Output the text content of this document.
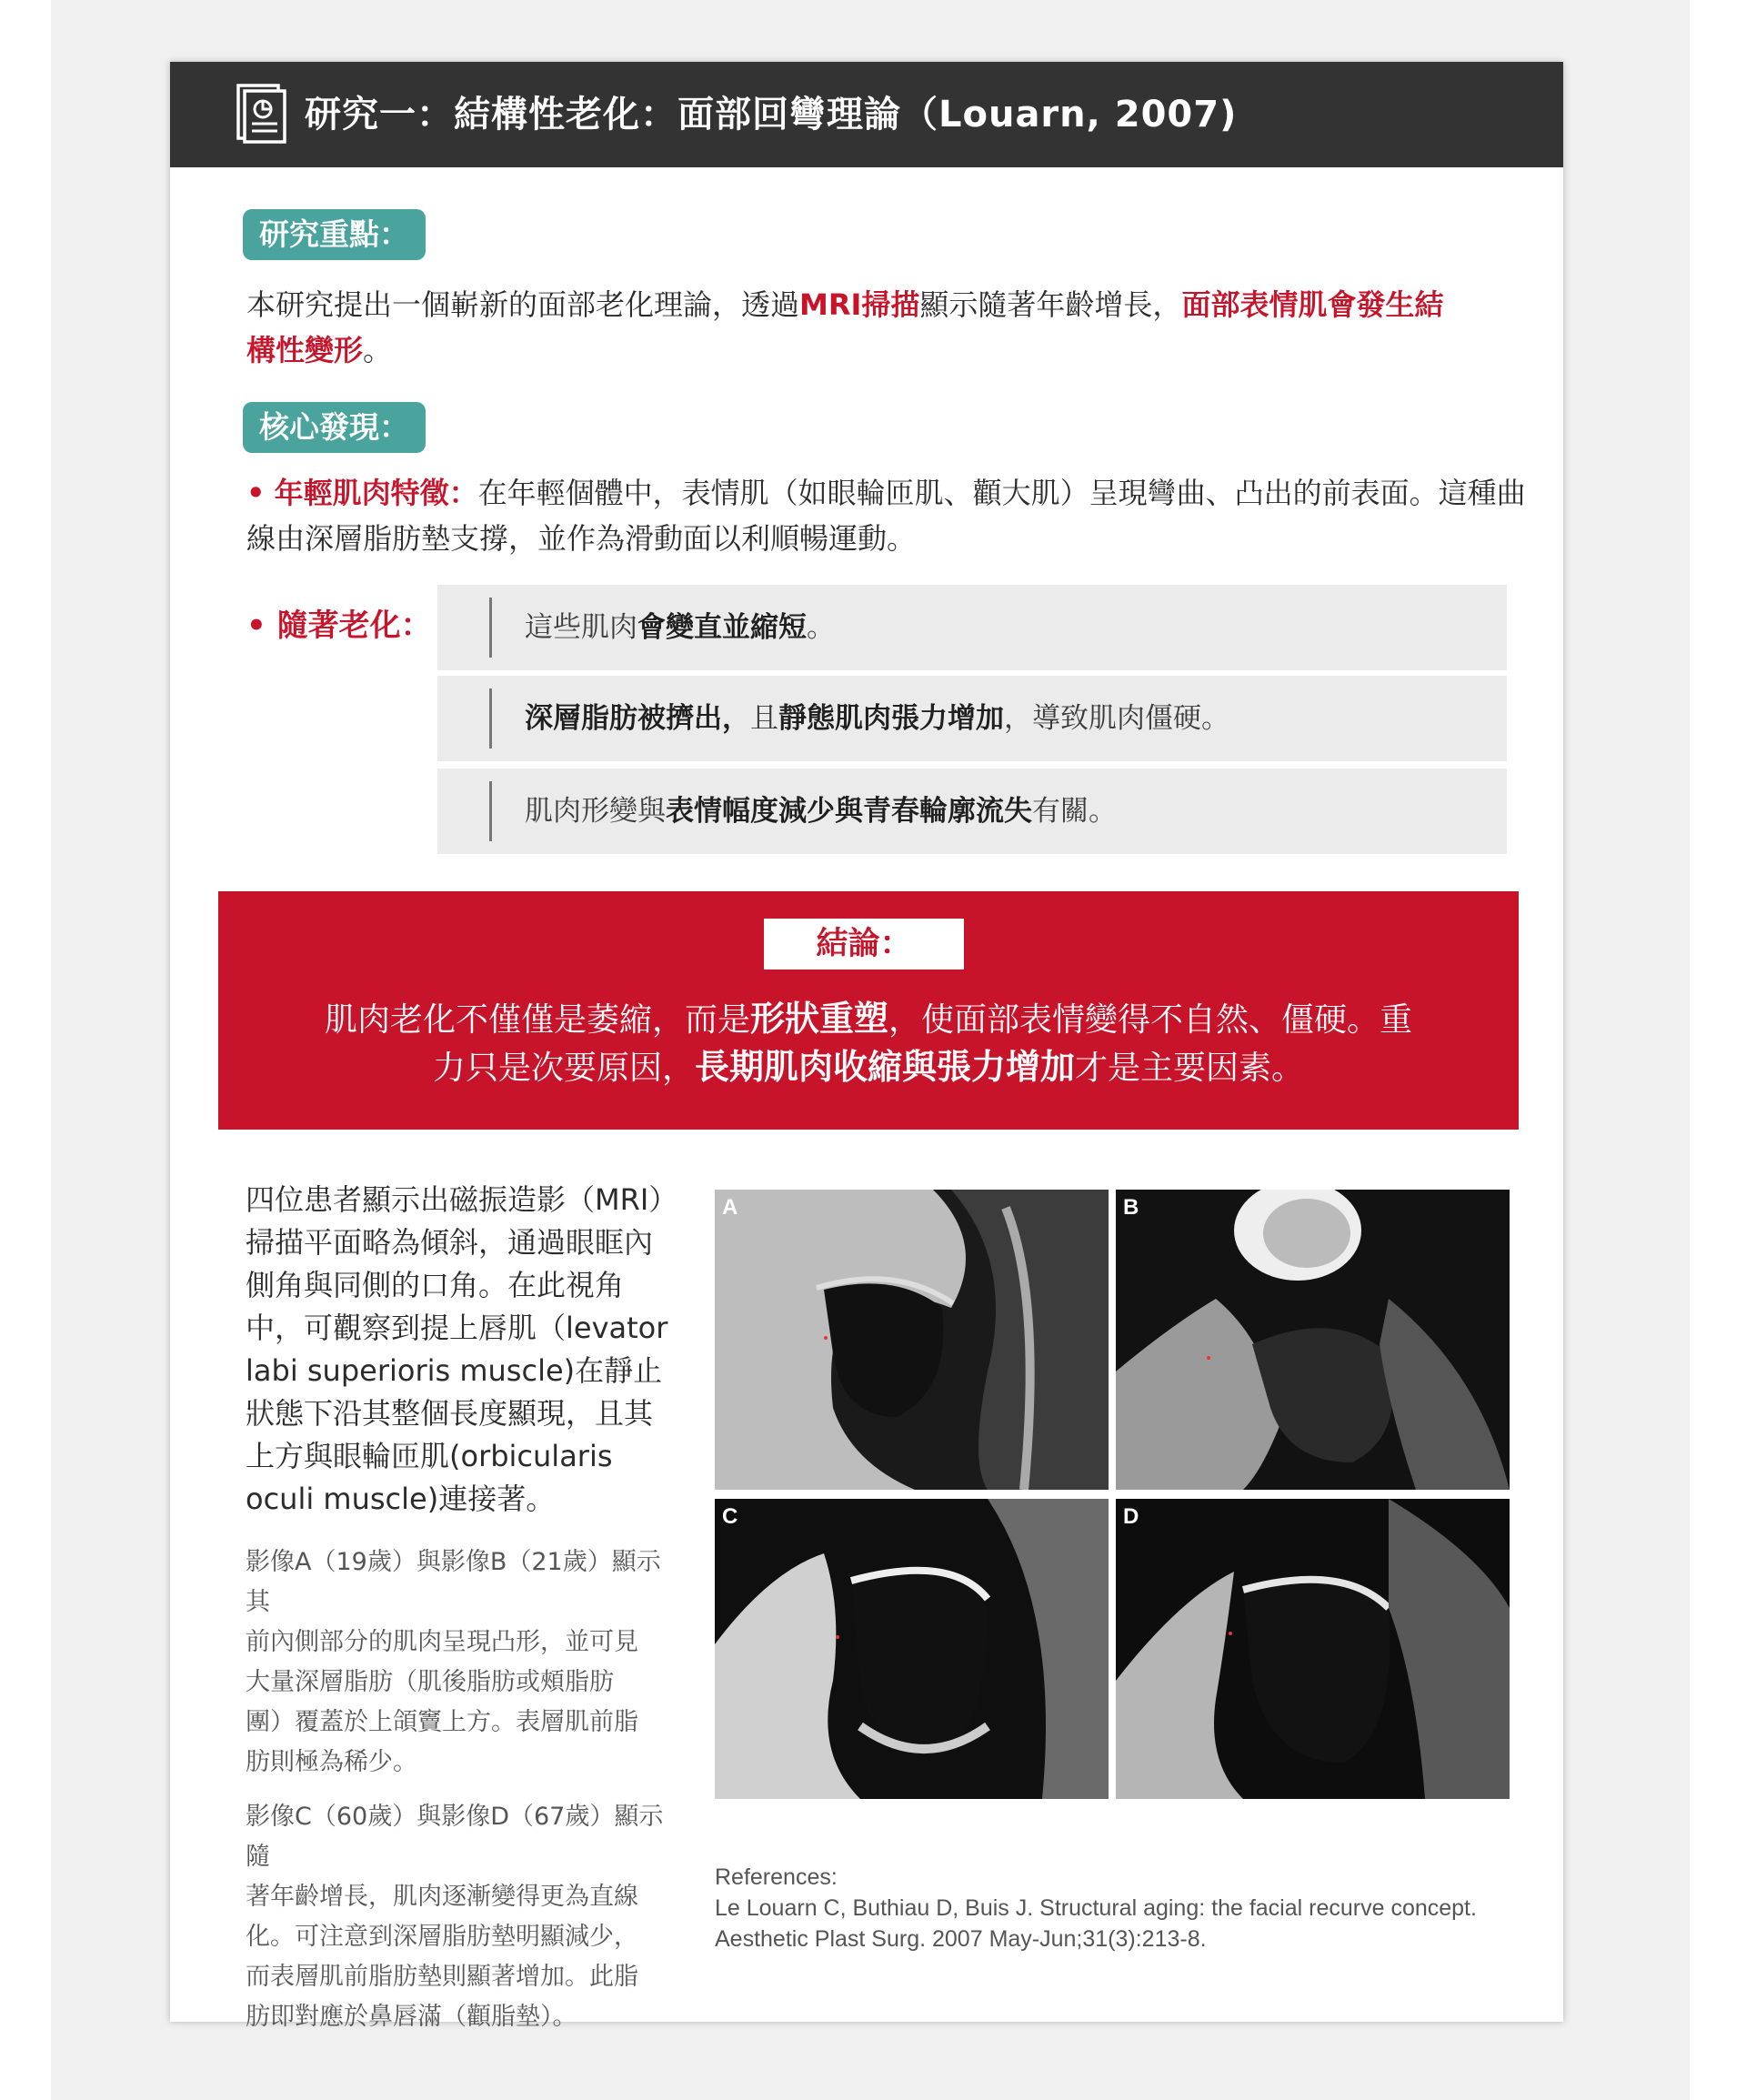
研究一：結構性老化：面部回彎理論（Louarn, 2007)
研究重點：
本研究提出一個嶄新的面部老化理論，透過MRI掃描顯示隨著年齡增長，面部表情肌會發生結
構性變形。
核心發現：
• 年輕肌肉特徵：在年輕個體中，表情肌（如眼輪匝肌、顴大肌）呈現彎曲、凸出的前表面。這種曲
線由深層脂肪墊支撐，並作為滑動面以利順暢運動。
• 隨著老化：	這些肌肉會變直並縮短。
深層脂肪被擠出，且靜態肌肉張力增加，導致肌肉僵硬。
肌肉形變與表情幅度減少與青春輪廓流失有關。
結論：
肌肉老化不僅僅是萎縮，而是形狀重塑，使面部表情變得不自然、僵硬。重
力只是次要原因，長期肌肉收縮與張力增加才是主要因素。
四位患者顯示出磁振造影（MRI）
掃描平面略為傾斜，通過眼眶內
側角與同側的口角。在此視角
中，可觀察到提上唇肌（levator
labi superioris muscle)在靜止
狀態下沿其整個長度顯現，且其
上方與眼輪匝肌(orbicularis
oculi muscle)連接著。
影像A（19歲）與影像B（21歲）顯示其
前內側部分的肌肉呈現凸形，並可見
大量深層脂肪（肌後脂肪或頰脂肪
團）覆蓋於上頜竇上方。表層肌前脂
肪則極為稀少。
影像C（60歲）與影像D（67歲）顯示隨
著年齡增長，肌肉逐漸變得更為直線
化。可注意到深層脂肪墊明顯減少，
而表層肌前脂肪墊則顯著增加。此脂
肪即對應於鼻唇滿（顴脂墊）。
A	B
C	D
References:
Le Louarn C, Buthiau D, Buis J. Structural aging: the facial recurve concept.
Aesthetic Plast Surg. 2007 May-Jun;31(3):213-8.
